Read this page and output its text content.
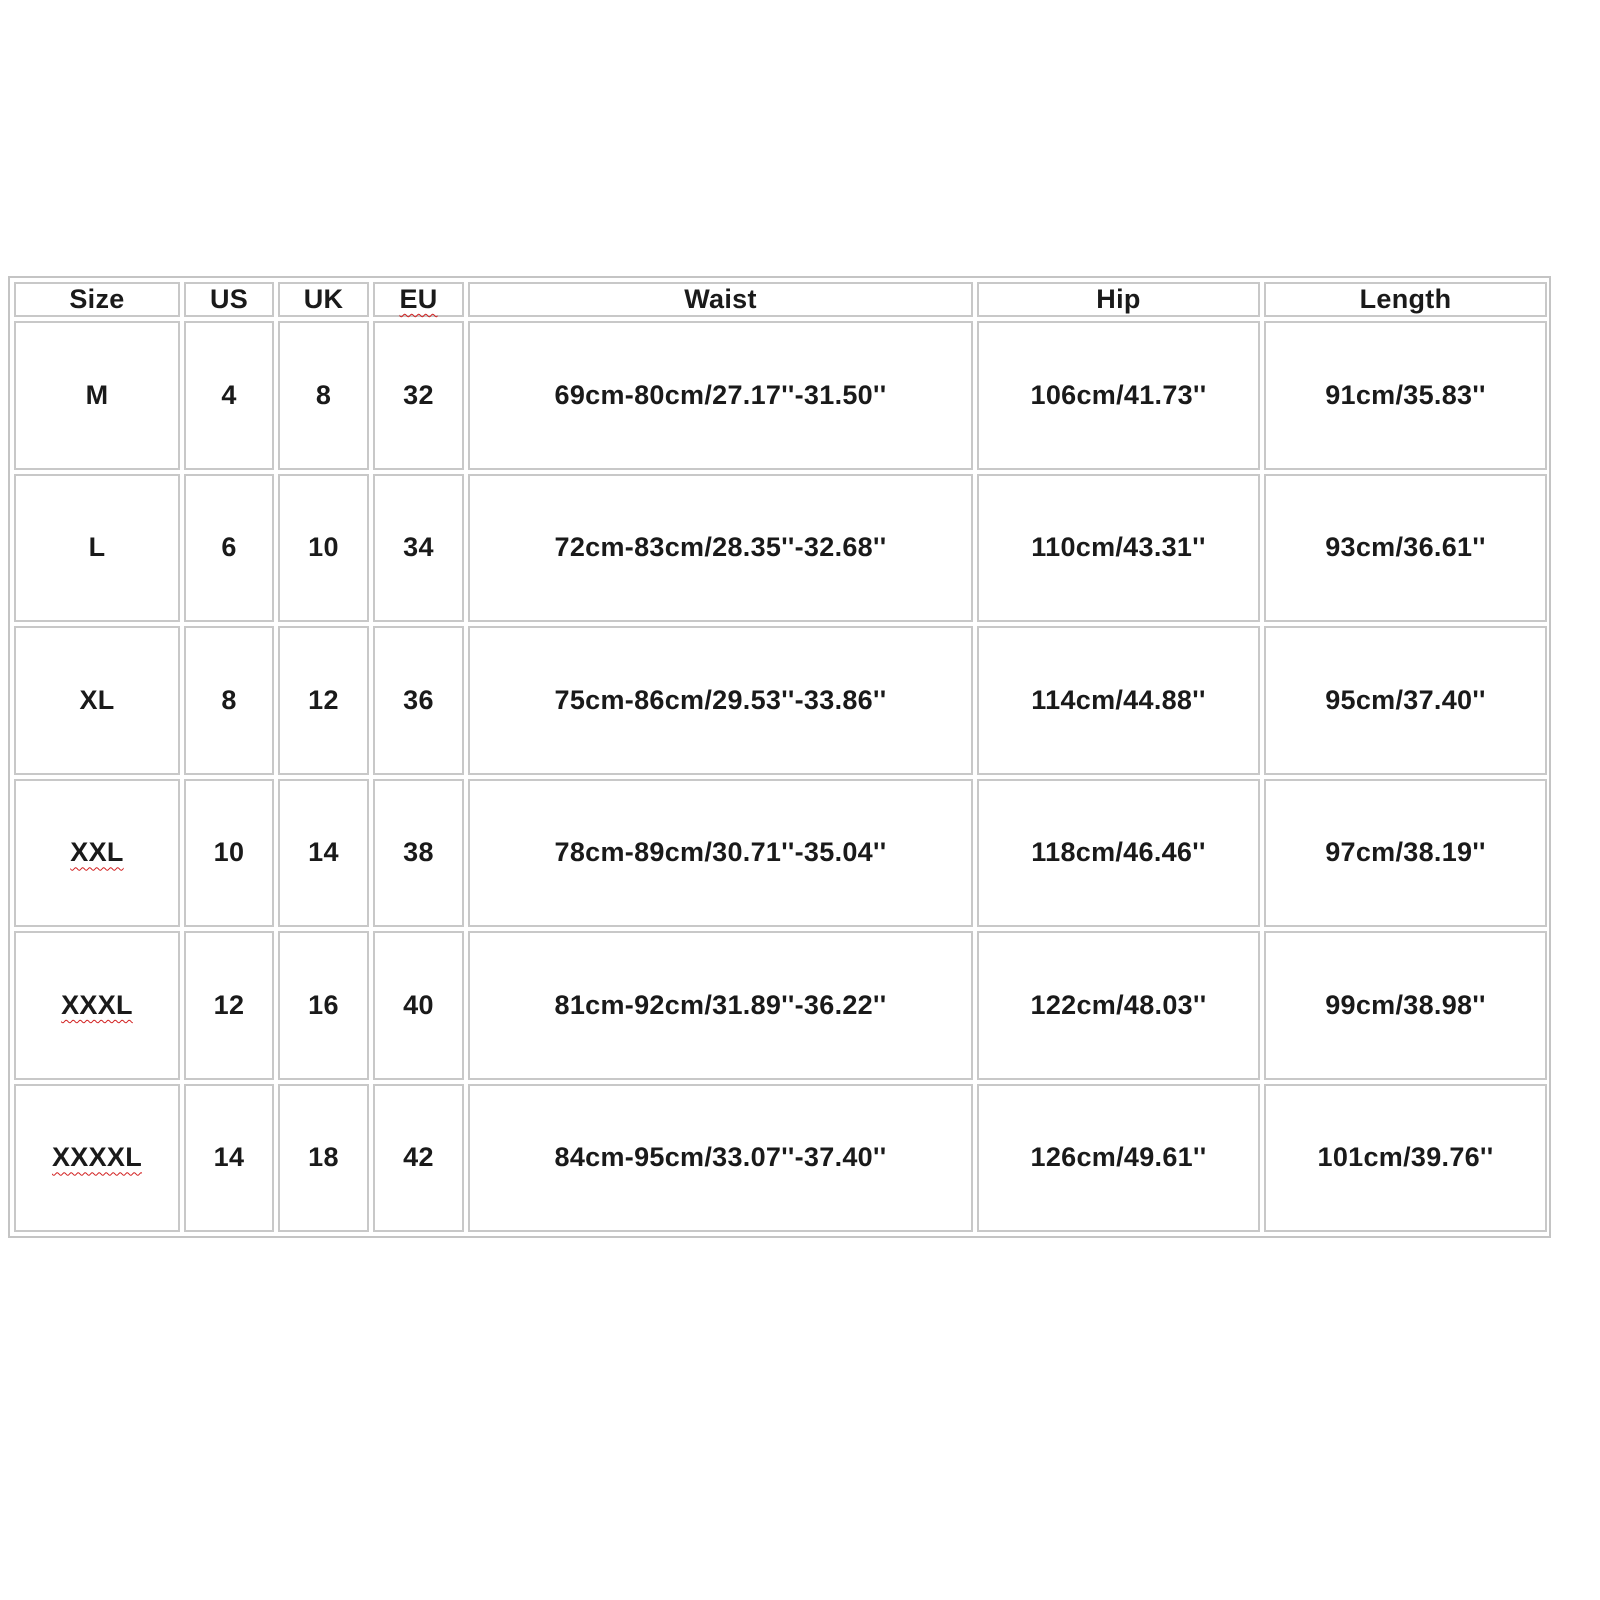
Size	US	UK	EU	Waist	Hip	Length
M	4	8	32	69cm-80cm/27.17''-31.50''	106cm/41.73''	91cm/35.83''
L	6	10	34	72cm-83cm/28.35''-32.68''	110cm/43.31''	93cm/36.61''
XL	8	12	36	75cm-86cm/29.53''-33.86''	114cm/44.88''	95cm/37.40''
XXL	10	14	38	78cm-89cm/30.71''-35.04''	118cm/46.46''	97cm/38.19''
XXXL	12	16	40	81cm-92cm/31.89''-36.22''	122cm/48.03''	99cm/38.98''
XXXXL	14	18	42	84cm-95cm/33.07''-37.40''	126cm/49.61''	101cm/39.76''
